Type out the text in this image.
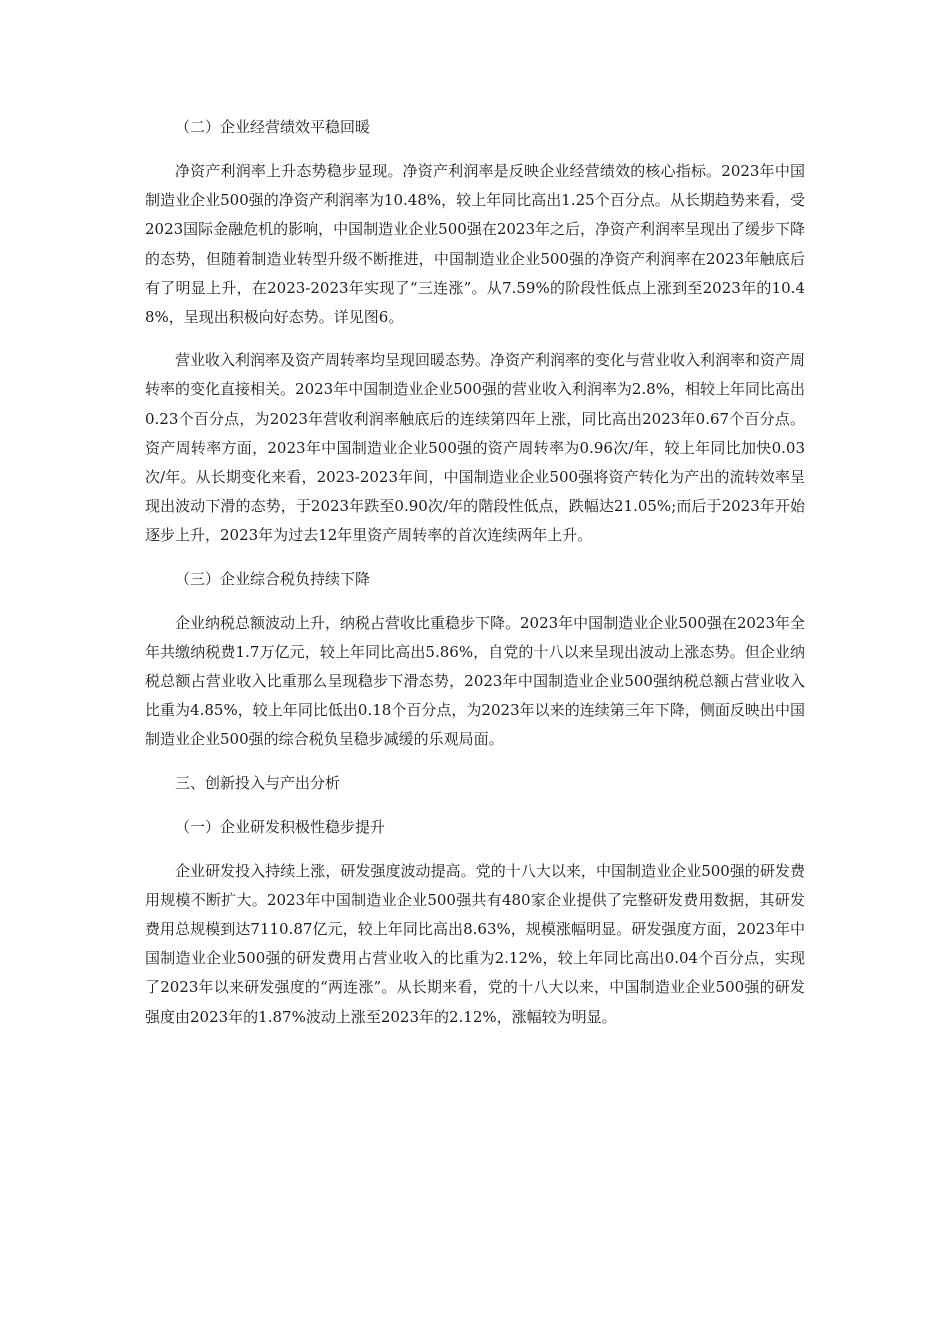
（二）企业经营绩效平稳回暖

净资产利润率上升态势稳步显现。净资产利润率是反映企业经营绩效的核心指标。2023年中国制造业企业500强的净资产利润率为10.48%，较上年同比高出1.25个百分点。从长期趋势来看，受2023国际金融危机的影响，中国制造业企业500强在2023年之后，净资产利润率呈现出了缓步下降的态势，但随着制造业转型升级不断推进，中国制造业企业500强的净资产利润率在2023年触底后有了明显上升，在2023-2023年实现了“三连涨”。从7.59%的阶段性低点上涨到至2023年的10.48%，呈现出积极向好态势。详见图6。

营业收入利润率及资产周转率均呈现回暖态势。净资产利润率的变化与营业收入利润率和资产周转率的变化直接相关。2023年中国制造业企业500强的营业收入利润率为2.8%，相较上年同比高出0.23个百分点，为2023年营收利润率触底后的连续第四年上涨，同比高出2023年0.67个百分点。资产周转率方面，2023年中国制造业企业500强的资产周转率为0.96次/年，较上年同比加快0.03次/年。从长期变化来看，2023-2023年间，中国制造业企业500强将资产转化为产出的流转效率呈现出波动下滑的态势，于2023年跌至0.90次/年的階段性低点，跌幅达21.05%;而后于2023年开始逐步上升，2023年为过去12年里资产周转率的首次连续两年上升。

（三）企业综合税负持续下降

企业纳税总额波动上升，纳税占营收比重稳步下降。2023年中国制造业企业500强在2023年全年共缴纳税费1.7万亿元，较上年同比高出5.86%，自党的十八以来呈现出波动上涨态势。但企业纳税总额占营业收入比重那么呈现稳步下滑态势，2023年中国制造业企业500强纳税总额占营业收入比重为4.85%，较上年同比低出0.18个百分点，为2023年以来的连续第三年下降，侧面反映出中国制造业企业500强的综合税负呈稳步减缓的乐观局面。

三、创新投入与产出分析

（一）企业研发积极性稳步提升

企业研发投入持续上涨，研发强度波动提高。党的十八大以来，中国制造业企业500强的研发费用规模不断扩大。2023年中国制造业企业500强共有480家企业提供了完整研发费用数据，其研发费用总规模到达7110.87亿元，较上年同比高出8.63%，规模涨幅明显。研发强度方面，2023年中国制造业企业500强的研发费用占营业收入的比重为2.12%，较上年同比高出0.04个百分点，实现了2023年以来研发强度的“两连涨”。从长期来看，党的十八大以来，中国制造业企业500强的研发强度由2023年的1.87%波动上涨至2023年的2.12%，涨幅较为明显。
